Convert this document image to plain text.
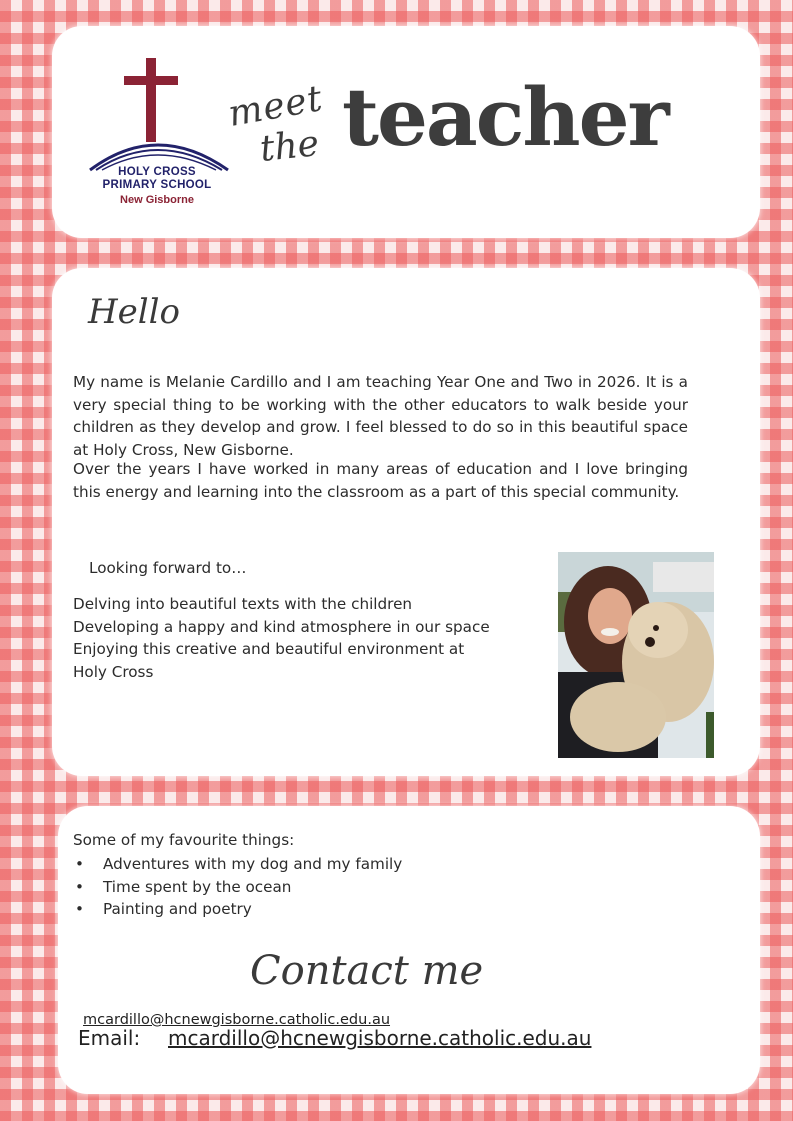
HOLY CROSS
PRIMARY SCHOOL
New Gisborne
meet
the teacher
Hello

My name is Melanie Cardillo and I am teaching Year One and Two in 2026. It is a very special thing to be working with the other educators to walk beside your children as they develop and grow. I feel blessed to do so in this beautiful space at Holy Cross, New Gisborne.

Over the years I have worked in many areas of education and I love bringing this energy and learning into the classroom as a part of this special community.

Looking forward to…
Delving into beautiful texts with the children
Developing a happy and kind atmosphere in our space
Enjoying this creative and beautiful environment at
Holy Cross
Some of my favourite things:
• Adventures with my dog and my family
• Time spent by the ocean
• Painting and poetry
Contact me
mcardillo@hcnewgisborne.catholic.edu.au
Email: mcardillo@hcnewgisborne.catholic.edu.au
